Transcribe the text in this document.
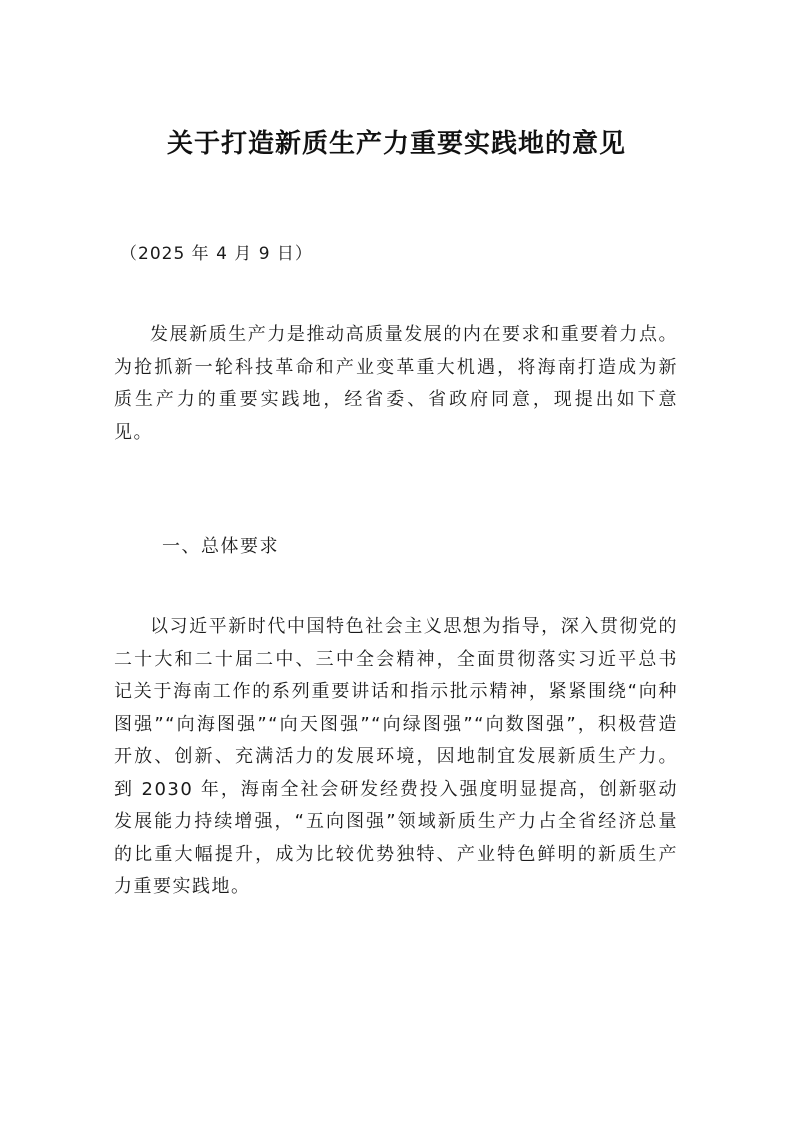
关于打造新质生产力重要实践地的意见
（2025 年 4 月 9 日）

发展新质生产力是推动高质量发展的内在要求和重要着力点。为抢抓新一轮科技革命和产业变革重大机遇，将海南打造成为新质生产力的重要实践地，经省委、省政府同意，现提出如下意见。

一、总体要求

以习近平新时代中国特色社会主义思想为指导，深入贯彻党的二十大和二十届二中、三中全会精神，全面贯彻落实习近平总书记关于海南工作的系列重要讲话和指示批示精神，紧紧围绕“向种图强”“向海图强”“向天图强”“向绿图强”“向数图强”，积极营造开放、创新、充满活力的发展环境，因地制宜发展新质生产力。到 2030 年，海南全社会研发经费投入强度明显提高，创新驱动发展能力持续增强，“五向图强”领域新质生产力占全省经济总量的比重大幅提升，成为比较优势独特、产业特色鲜明的新质生产力重要实践地。
